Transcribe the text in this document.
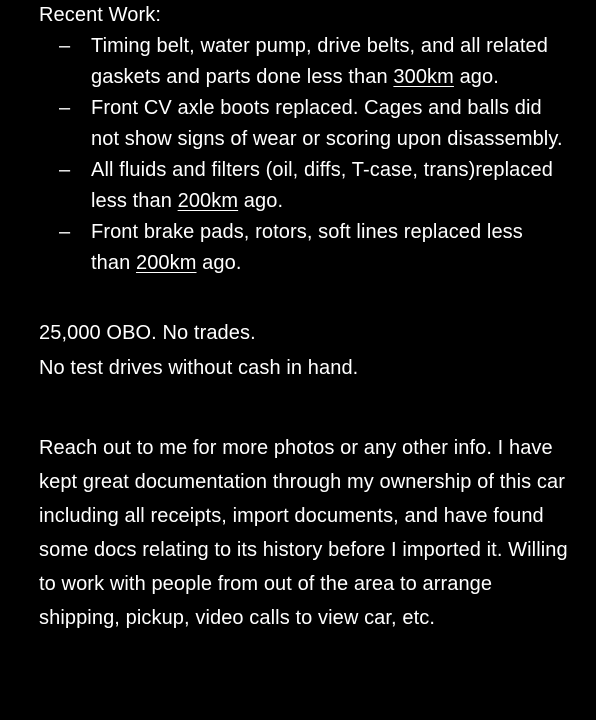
Recent Work:
– Timing belt, water pump, drive belts, and all related gaskets and parts done less than 300km ago.
– Front CV axle boots replaced. Cages and balls did not show signs of wear or scoring upon disassembly.
– All fluids and filters (oil, diffs, T-case, trans)replaced less than 200km ago.
– Front brake pads, rotors, soft lines replaced less than 200km ago.
25,000 OBO. No trades.
No test drives without cash in hand.
Reach out to me for more photos or any other info. I have kept great documentation through my ownership of this car including all receipts, import documents, and have found some docs relating to its history before I imported it. Willing to work with people from out of the area to arrange shipping, pickup, video calls to view car, etc.
